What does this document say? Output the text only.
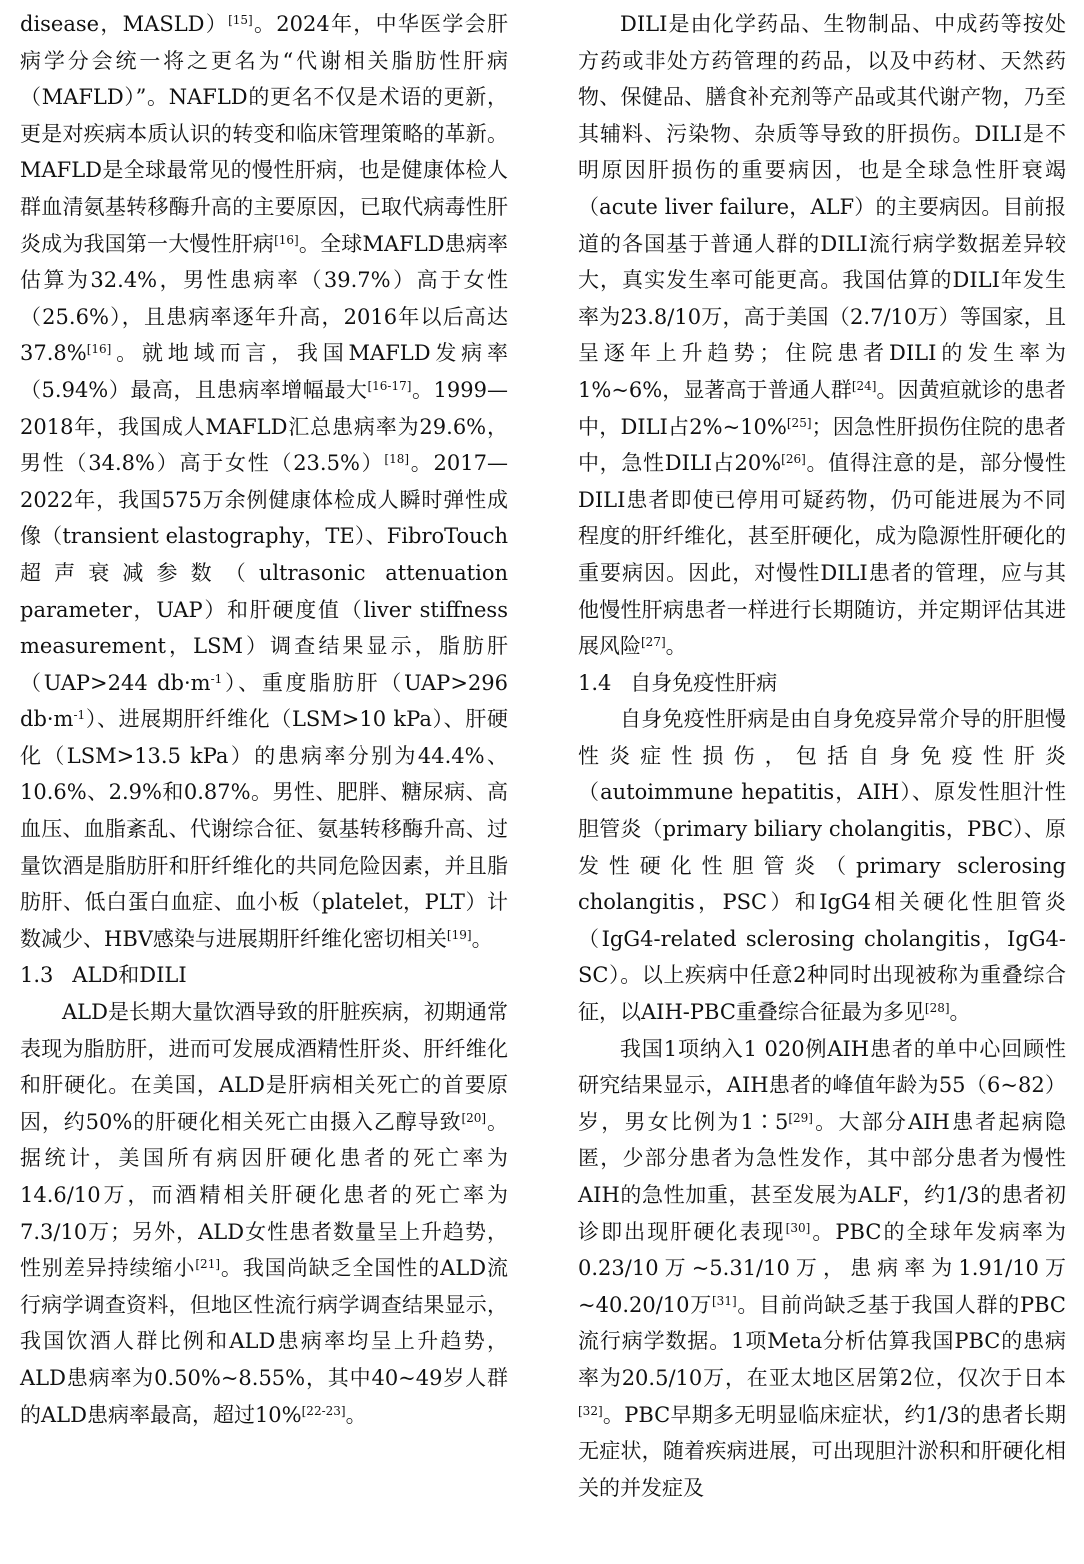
disease，MASLD）[15]。2024年，中华医学会肝病学分会统一将之更名为“代谢相关脂肪性肝病（MAFLD）”。NAFLD的更名不仅是术语的更新，更是对疾病本质认识的转变和临床管理策略的革新。MAFLD是全球最常见的慢性肝病，也是健康体检人群血清氨基转移酶升高的主要原因，已取代病毒性肝炎成为我国第一大慢性肝病[16]。全球MAFLD患病率估算为32.4%，男性患病率（39.7%）高于女性（25.6%），且患病率逐年升高，2016年以后高达37.8%[16]。就地域而言，我国MAFLD发病率（5.94%）最高，且患病率增幅最大[16-17]。1999—2018年，我国成人MAFLD汇总患病率为29.6%，男性（34.8%）高于女性（23.5%）[18]。2017—2022年，我国575万余例健康体检成人瞬时弹性成像（transient elastography，TE）、FibroTouch超声衰减参数（ultrasonic attenuation parameter，UAP）和肝硬度值（liver stiffness measurement，LSM）调查结果显示，脂肪肝（UAP>244 $db\cdot m^{-1}$）、重度脂肪肝（UAP>296 $db\cdot m^{-1}$）、进展期肝纤维化（LSM>10 kPa）、肝硬化（LSM>13.5 kPa）的患病率分别为44.4%、10.6%、2.9%和0.87%。男性、肥胖、糖尿病、高血压、血脂紊乱、代谢综合征、氨基转移酶升高、过量饮酒是脂肪肝和肝纤维化的共同危险因素，并且脂肪肝、低白蛋白血症、血小板（platelet，PLT）计数减少、HBV感染与进展期肝纤维化密切相关[19]。

1.3 ALD和DILI

ALD是长期大量饮酒导致的肝脏疾病，初期通常表现为脂肪肝，进而可发展成酒精性肝炎、肝纤维化和肝硬化。在美国，ALD是肝病相关死亡的首要原因，约50%的肝硬化相关死亡由摄入乙醇导致[20]。据统计，美国所有病因肝硬化患者的死亡率为14.6/10万，而酒精相关肝硬化患者的死亡率为7.3/10万；另外，ALD女性患者数量呈上升趋势，性别差异持续缩小[21]。我国尚缺乏全国性的ALD流行病学调查资料，但地区性流行病学调查结果显示，我国饮酒人群比例和ALD患病率均呈上升趋势，ALD患病率为0.50%~8.55%，其中40~49岁人群的ALD患病率最高，超过10%[22-23]。

DILI是由化学药品、生物制品、中成药等按处方药或非处方药管理的药品，以及中药材、天然药物、保健品、膳食补充剂等产品或其代谢产物，乃至其辅料、污染物、杂质等导致的肝损伤。DILI是不明原因肝损伤的重要病因，也是全球急性肝衰竭（acute liver failure，ALF）的主要病因。目前报道的各国基于普通人群的DILI流行病学数据差异较大，真实发生率可能更高。我国估算的DILI年发生率为23.8/10万，高于美国（2.7/10万）等国家，且呈逐年上升趋势；住院患者DILI的发生率为1%~6%，显著高于普通人群[24]。因黄疸就诊的患者中，DILI占2%~10%[25]；因急性肝损伤住院的患者中，急性DILI占20%[26]。值得注意的是，部分慢性DILI患者即使已停用可疑药物，仍可能进展为不同程度的肝纤维化，甚至肝硬化，成为隐源性肝硬化的重要病因。因此，对慢性DILI患者的管理，应与其他慢性肝病患者一样进行长期随访，并定期评估其进展风险[27]。

1.4 自身免疫性肝病

自身免疫性肝病是由自身免疫异常介导的肝胆慢性炎症性损伤，包括自身免疫性肝炎（autoimmune hepatitis，AIH）、原发性胆汁性胆管炎（primary biliary cholangitis，PBC）、原发性硬化性胆管炎（primary sclerosing cholangitis，PSC）和IgG4相关硬化性胆管炎（IgG4-related sclerosing cholangitis，IgG4-SC）。以上疾病中任意2种同时出现被称为重叠综合征，以AIH-PBC重叠综合征最为多见[28]。

我国1项纳入1 020例AIH患者的单中心回顾性研究结果显示，AIH患者的峰值年龄为55（6~82）岁，男女比例为1∶5[29]。大部分AIH患者起病隐匿，少部分患者为急性发作，其中部分患者为慢性AIH的急性加重，甚至发展为ALF，约1/3的患者初诊即出现肝硬化表现[30]。PBC的全球年发病率为0.23/10万~5.31/10万，患病率为1.91/10万~40.20/10万[31]。目前尚缺乏基于我国人群的PBC流行病学数据。1项Meta分析估算我国PBC的患病率为20.5/10万，在亚太地区居第2位，仅次于日本[32]。PBC早期多无明显临床症状，约1/3的患者长期无症状，随着疾病进展，可出现胆汁淤积和肝硬化相关的并发症及
